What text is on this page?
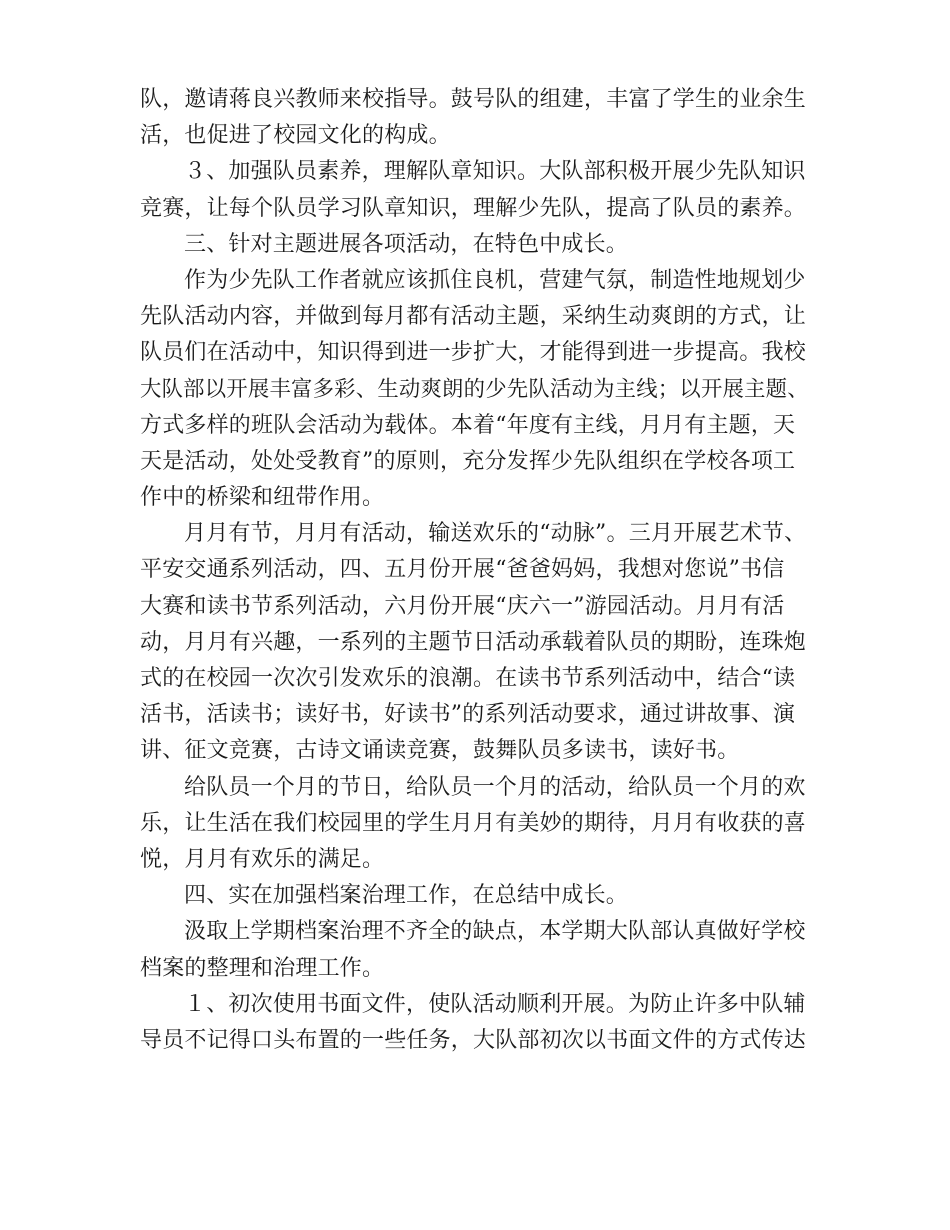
队，邀请蒋良兴教师来校指导。鼓号队的组建，丰富了学生的业余生
活，也促进了校园文化的构成。
３、加强队员素养，理解队章知识。大队部积极开展少先队知识
竞赛，让每个队员学习队章知识，理解少先队，提高了队员的素养。
三、针对主题进展各项活动，在特色中成长。
作为少先队工作者就应该抓住良机，营建气氛，制造性地规划少
先队活动内容，并做到每月都有活动主题，采纳生动爽朗的方式，让
队员们在活动中，知识得到进一步扩大，才能得到进一步提高。我校
大队部以开展丰富多彩、生动爽朗的少先队活动为主线；以开展主题、
方式多样的班队会活动为载体。本着“年度有主线，月月有主题，天
天是活动，处处受教育”的原则，充分发挥少先队组织在学校各项工
作中的桥梁和纽带作用。
月月有节，月月有活动，输送欢乐的“动脉”。三月开展艺术节、
平安交通系列活动，四、五月份开展“爸爸妈妈，我想对您说”书信
大赛和读书节系列活动，六月份开展“庆六一”游园活动。月月有活
动，月月有兴趣，一系列的主题节日活动承载着队员的期盼，连珠炮
式的在校园一次次引发欢乐的浪潮。在读书节系列活动中，结合“读
活书，活读书；读好书，好读书”的系列活动要求，通过讲故事、演
讲、征文竞赛，古诗文诵读竞赛，鼓舞队员多读书，读好书。
给队员一个月的节日，给队员一个月的活动，给队员一个月的欢
乐，让生活在我们校园里的学生月月有美妙的期待，月月有收获的喜
悦，月月有欢乐的满足。
四、实在加强档案治理工作，在总结中成长。
汲取上学期档案治理不齐全的缺点，本学期大队部认真做好学校
档案的整理和治理工作。
１、初次使用书面文件，使队活动顺利开展。为防止许多中队辅
导员不记得口头布置的一些任务，大队部初次以书面文件的方式传达
